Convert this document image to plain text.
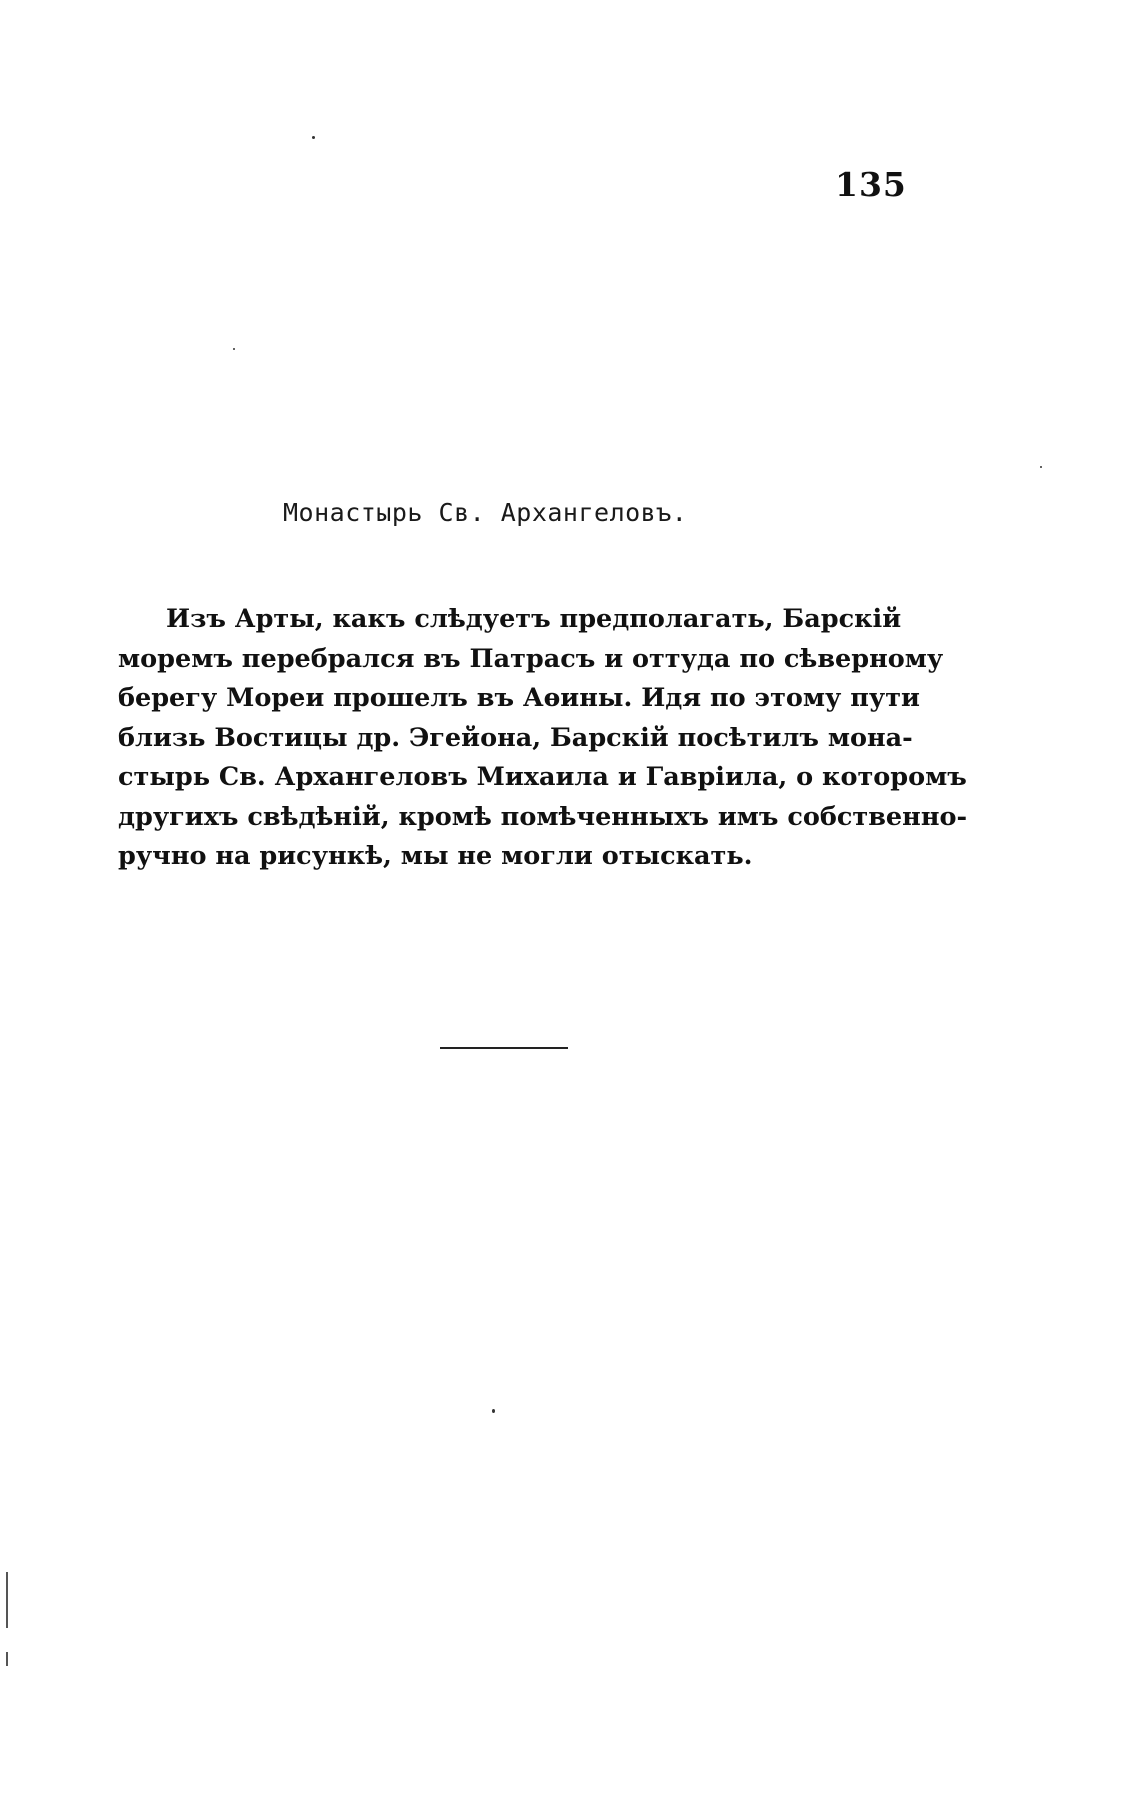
135
Монастырь Св. Архангеловъ.
Изъ Арты, какъ слѣдуетъ предполагать, Барскій
моремъ перебрался въ Патрасъ и оттуда по сѣверному
берегу Мореи прошелъ въ Аѳины. Идя по этому пути
близь Востицы др. Эгейона, Барскій посѣтилъ мона-
стырь Св. Архангеловъ Михаила и Гавріила, о которомъ
другихъ свѣдѣній, кромѣ помѣченныхъ имъ собственно-
ручно на рисункѣ, мы не могли отыскать.
